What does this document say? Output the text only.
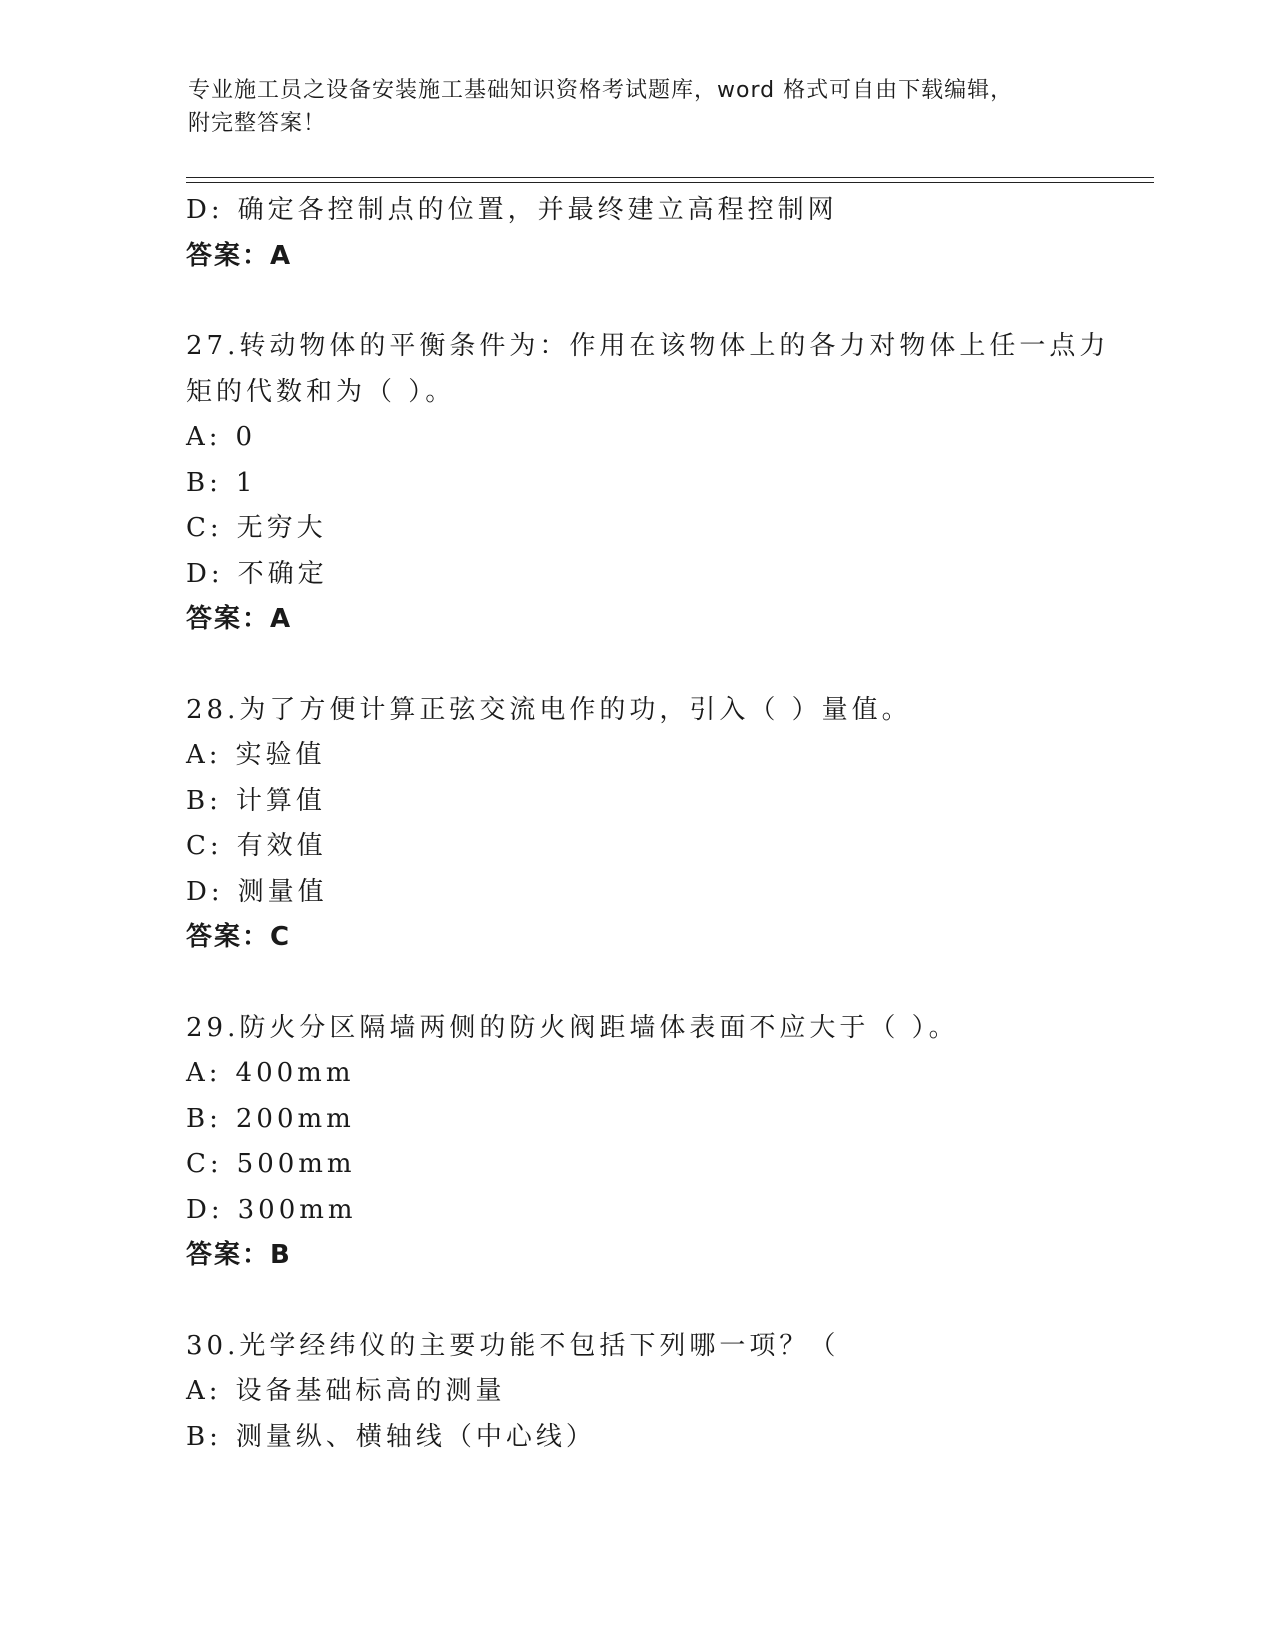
专业施工员之设备安装施工基础知识资格考试题库，word 格式可自由下载编辑，
附完整答案！
D: 确定各控制点的位置，并最终建立高程控制网
答案：A
27.转动物体的平衡条件为：作用在该物体上的各力对物体上任一点力
矩的代数和为（ ）。
A: 0
B: 1
C: 无穷大
D: 不确定
答案：A
28.为了方便计算正弦交流电作的功，引入（ ）量值。
A: 实验值
B: 计算值
C: 有效值
D: 测量值
答案：C
29.防火分区隔墙两侧的防火阀距墙体表面不应大于（ ）。
A: 400mm
B: 200mm
C: 500mm
D: 300mm
答案：B
30.光学经纬仪的主要功能不包括下列哪一项？（
A: 设备基础标高的测量
B: 测量纵、横轴线（中心线）
